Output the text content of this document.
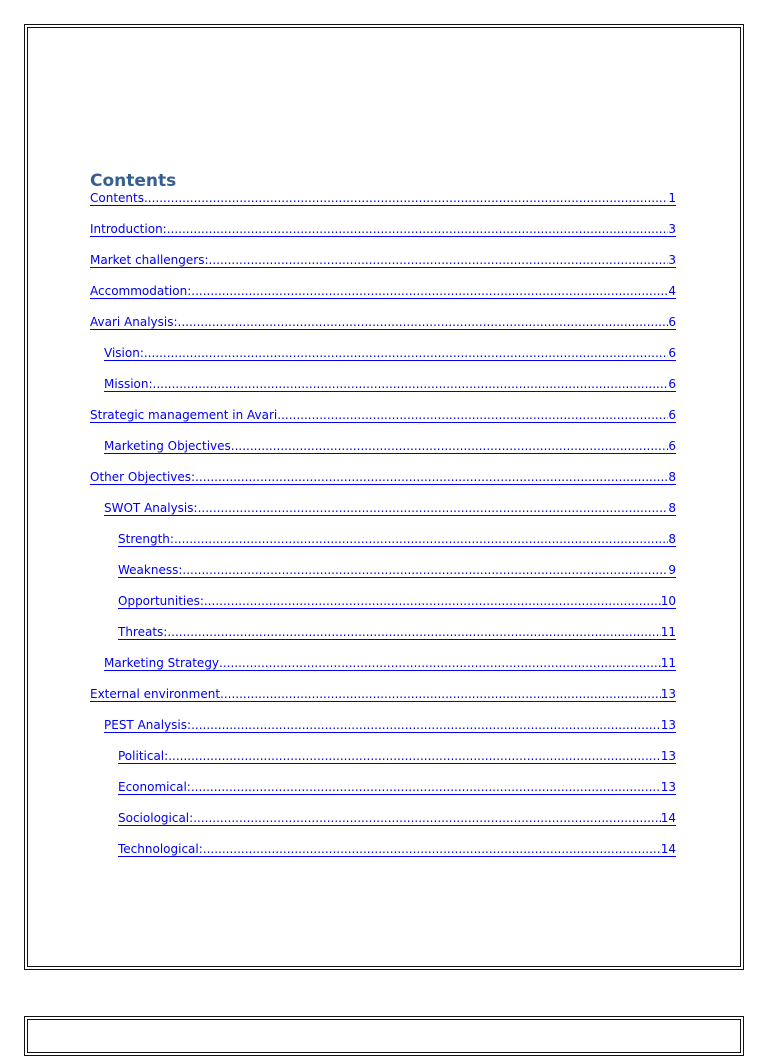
Contents
Contents .....	1
Introduction: .....	3
Market challengers: .....	3
Accommodation: .....	4
Avari Analysis: .....	6
Vision: .....	6
Mission: .....	6
Strategic management in Avari .....	6
Marketing Objectives .....	6
Other Objectives: .....	8
SWOT Analysis: .....	8
Strength: .....	8
Weakness: .....	9
Opportunities: .....	10
Threats: .....	11
Marketing Strategy .....	11
External environment .....	13
PEST Analysis: .....	13
Political: .....	13
Economical: .....	13
Sociological: .....	14
Technological: .....	14
